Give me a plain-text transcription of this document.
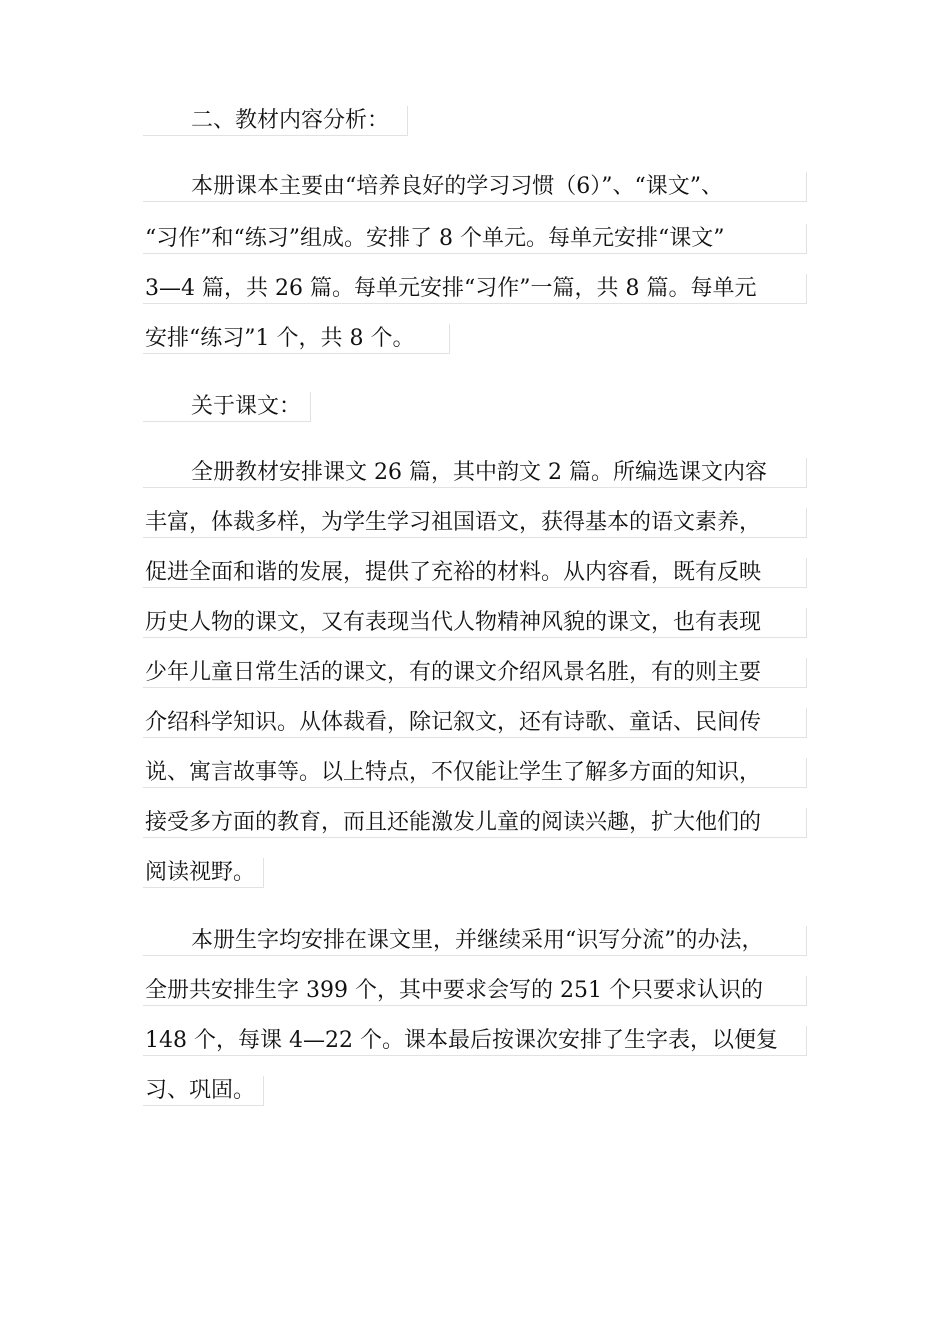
二、教材内容分析：
本册课本主要由“培养良好的学习习惯（6）”、“课文”、
“习作”和“练习”组成。安排了 8 个单元。每单元安排“课文”
3—4 篇，共 26 篇。每单元安排“习作”一篇，共 8 篇。每单元
安排“练习”1 个，共 8 个。
关于课文：
全册教材安排课文 26 篇，其中韵文 2 篇。所编选课文内容
丰富，体裁多样，为学生学习祖国语文，获得基本的语文素养，
促进全面和谐的发展，提供了充裕的材料。从内容看，既有反映
历史人物的课文，又有表现当代人物精神风貌的课文，也有表现
少年儿童日常生活的课文，有的课文介绍风景名胜，有的则主要
介绍科学知识。从体裁看，除记叙文，还有诗歌、童话、民间传
说、寓言故事等。以上特点，不仅能让学生了解多方面的知识，
接受多方面的教育，而且还能激发儿童的阅读兴趣，扩大他们的
阅读视野。
本册生字均安排在课文里，并继续采用“识写分流”的办法，
全册共安排生字 399 个，其中要求会写的 251 个只要求认识的
148 个，每课 4—22 个。课本最后按课次安排了生字表，以便复
习、巩固。
